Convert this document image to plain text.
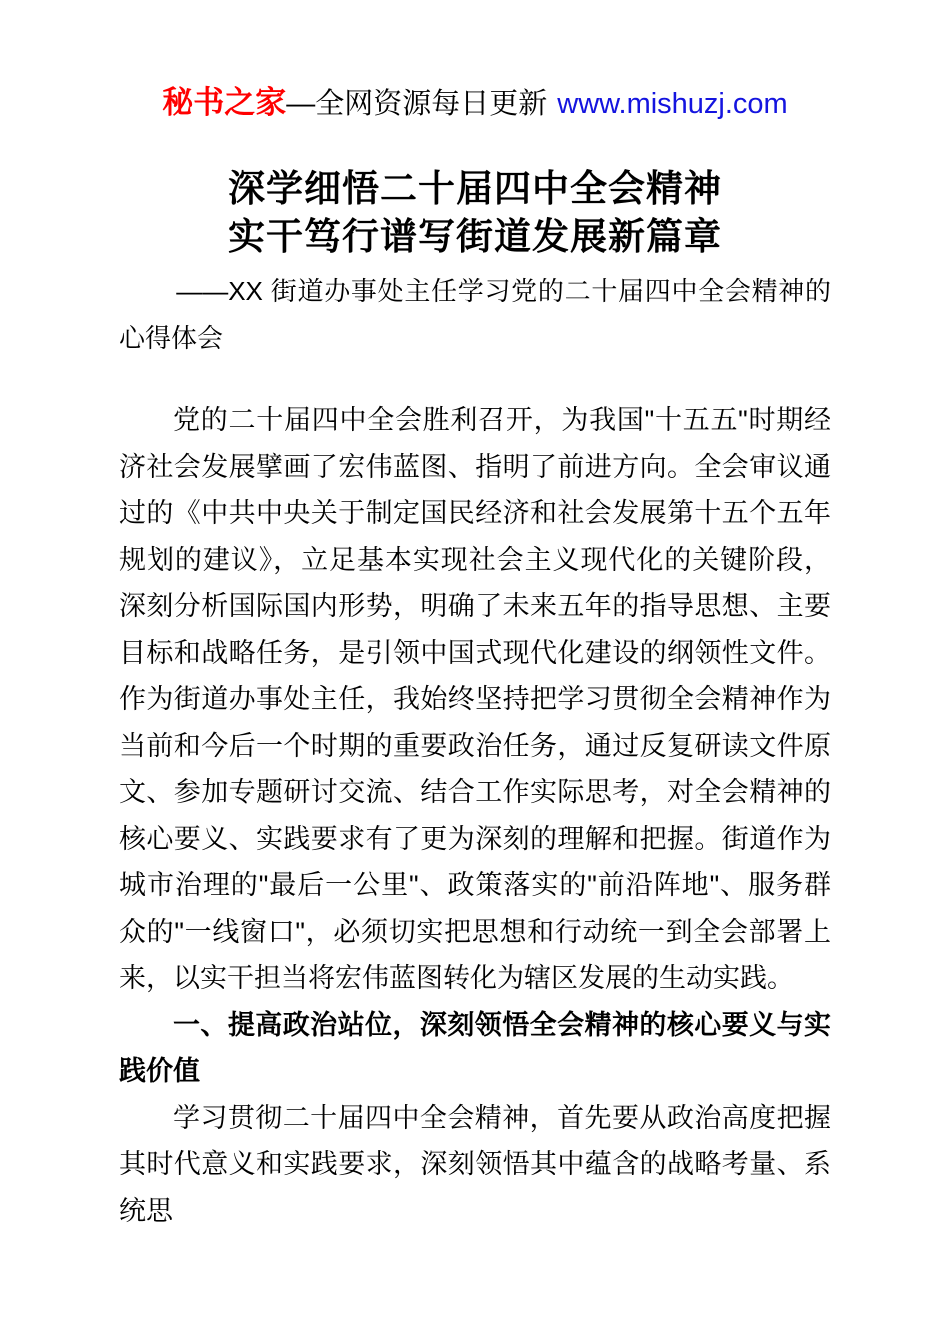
秘书之家—全网资源每日更新 www.mishuzj.com
深学细悟二十届四中全会精神
实干笃行谱写街道发展新篇章
——XX 街道办事处主任学习党的二十届四中全会精神的心得体会

党的二十届四中全会胜利召开，为我国"十五五"时期经济社会发展擘画了宏伟蓝图、指明了前进方向。全会审议通过的《中共中央关于制定国民经济和社会发展第十五个五年规划的建议》，立足基本实现社会主义现代化的关键阶段，深刻分析国际国内形势，明确了未来五年的指导思想、主要目标和战略任务，是引领中国式现代化建设的纲领性文件。作为街道办事处主任，我始终坚持把学习贯彻全会精神作为当前和今后一个时期的重要政治任务，通过反复研读文件原文、参加专题研讨交流、结合工作实际思考，对全会精神的核心要义、实践要求有了更为深刻的理解和把握。街道作为城市治理的"最后一公里"、政策落实的"前沿阵地"、服务群众的"一线窗口"，必须切实把思想和行动统一到全会部署上来，以实干担当将宏伟蓝图转化为辖区发展的生动实践。

一、提高政治站位，深刻领悟全会精神的核心要义与实践价值

学习贯彻二十届四中全会精神，首先要从政治高度把握其时代意义和实践要求，深刻领悟其中蕴含的战略考量、系统思
